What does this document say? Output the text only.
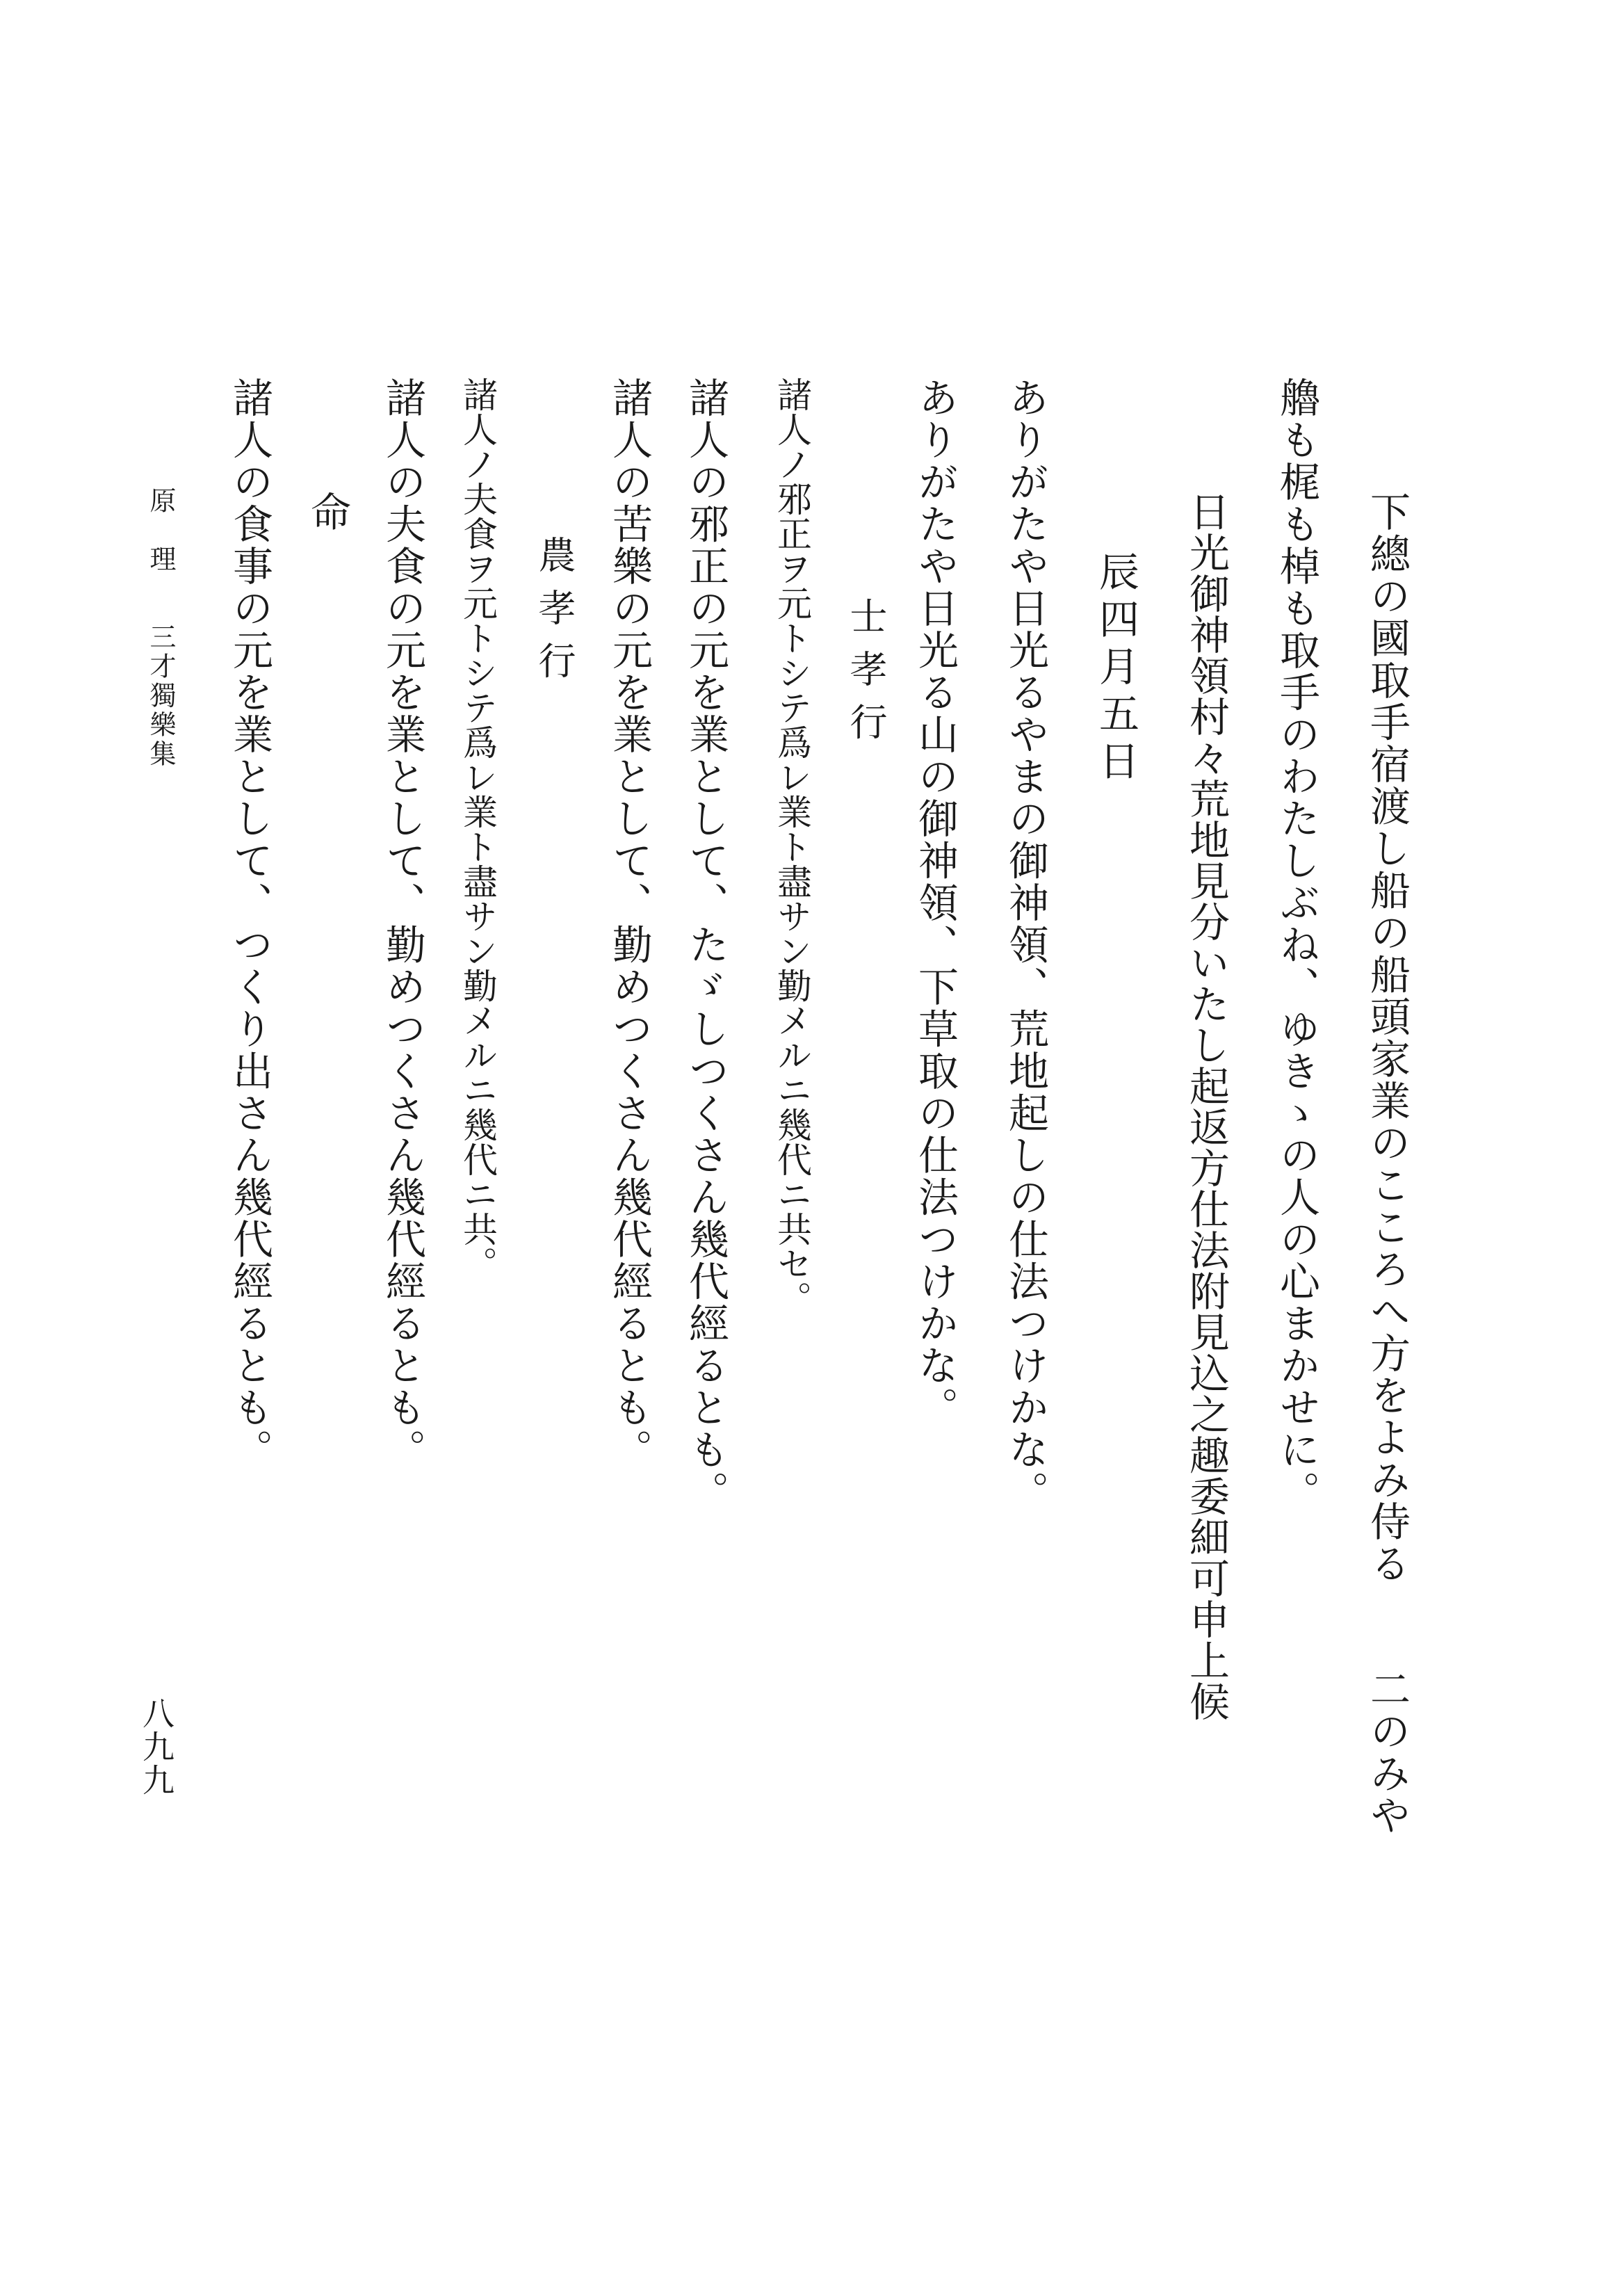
下總の國取手宿渡し船の船頭家業のこころへ方をよみ侍る二のみや
艪も梶も棹も取手のわたしぶね、ゆきゝの人の心まかせに。
日光御神領村々荒地見分いたし起返方仕法附見込之趣委細可申上候
辰四月五日
ありがたや日光るやまの御神領、荒地起しの仕法つけかな。
ありがたや日光る山の御神領、下草取の仕法つけかな。
士孝行
諸人ノ邪正ヲ元トシテ爲レ業ト盡サン勤メルニ幾代ニ共セ。
諸人の邪正の元を業として、たゞしつくさん幾代經るとも。
諸人の苦樂の元を業として、勤めつくさん幾代經るとも。
農孝行
諸人ノ夫食ヲ元トシテ爲レ業ト盡サン勤メルニ幾代ニ共。
諸人の夫食の元を業として、勤めつくさん幾代經るとも。
命
諸人の食事の元を業として、つくり出さん幾代經るとも。
原　理三才獨樂集
八九九
